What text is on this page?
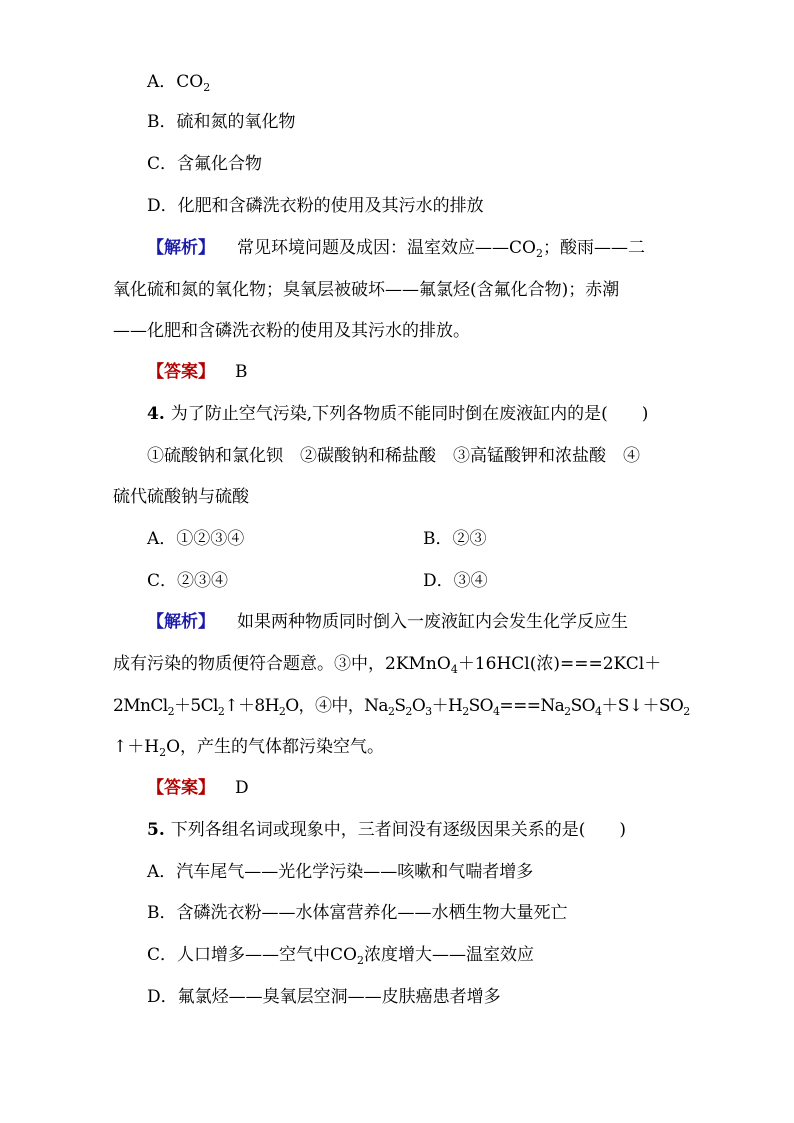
A．$CO_2$
B．硫和氮的氧化物
C．含氟化合物
D．化肥和含磷洗衣粉的使用及其污水的排放
【解析】 常见环境问题及成因：温室效应$——CO_2$；酸雨——二
氧化硫和氮的氧化物；臭氧层被破坏——氟氯烃(含氟化合物)；赤潮
——化肥和含磷洗衣粉的使用及其污水的排放。
【答案】 B
4. 为了防止空气污染,下列各物质不能同时倒在废液缸内的是(　　)
①硫酸钠和氯化钡　②碳酸钠和稀盐酸　③高锰酸钾和浓盐酸　④
硫代硫酸钠与硫酸
A．①②③④	B．②③
C．②③④	D．③④
【解析】 如果两种物质同时倒入一废液缸内会发生化学反应生
成有污染的物质便符合题意。③中，2KMnO$_4$＋16HCl(浓)===2KCl＋
$2MnCl_2+5Cl_2↑+8H_2O$，④中，$Na_2S_2O_3+H_2SO_4===Na_2SO_4+S↓+SO_2$
$↑+H_2O$，产生的气体都污染空气。
【答案】 D
5. 下列各组名词或现象中，三者间没有逐级因果关系的是(　　)
A．汽车尾气——光化学污染——咳嗽和气喘者增多
B．含磷洗衣粉——水体富营养化——水栖生物大量死亡
C．人口增多——空气中$CO_2$浓度增大——温室效应
D．氟氯烃——臭氧层空洞——皮肤癌患者增多
